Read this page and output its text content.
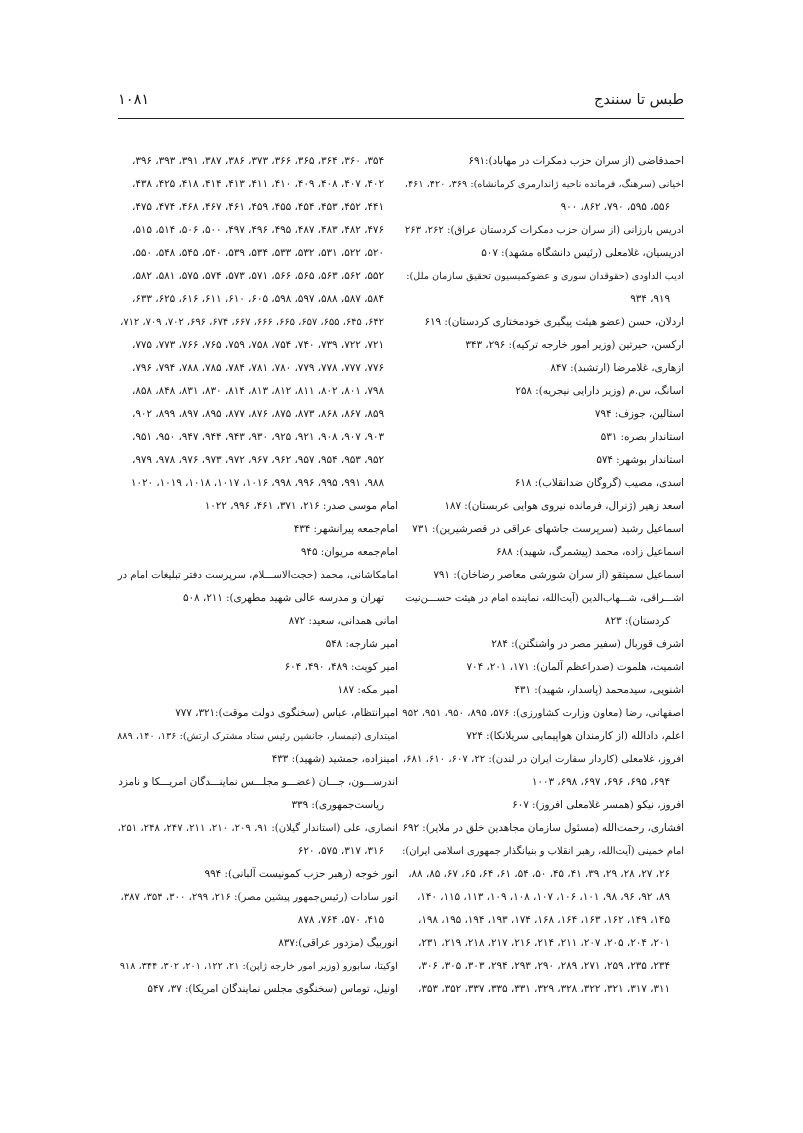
طبس تا سنندج
۱۰۸۱
احمدقاضی (از سران حزب دمکرات در مهاباد):۶۹۱
اخیانی (سرهنگ، فرمانده ناحیه ژاندارمری کرمانشاه): ۳۶۹، ۴۲۰، ۴۶۱،
۵۵۶، ۵۹۵، ۷۹۰، ۸۶۲، ۹۰۰
ادریس بارزانی (از سران حزب دمکرات کردستان عراق): ۲۶۲، ۲۶۳
ادریسیان، غلامعلی (رئیس دانشگاه مشهد): ۵۰۷
ادیب الداودی (حقوقدان سوری و عضوکمیسیون تحقیق سازمان ملل):
۹۱۹، ۹۳۴
اردلان، حسن (عضو هیئت پیگیری خودمختاری کردستان): ۶۱۹
ارکسن، حیرتین (وزیر امور خارجه ترکیه): ۲۹۶، ۳۴۳
ازهاری، غلامرضا (ارتشبد): ۸۴۷
اسانگ، س.م (وزیر دارایی نیجریه): ۲۵۸
استالین، جوزف: ۷۹۴
استاندار بصره: ۵۳۱
استاندار بوشهر: ۵۷۴
اسدی، مصیب (گروگان ضدانقلاب): ۶۱۸
اسعد زهیر (ژنرال، فرمانده نیروی هوایی عربستان): ۱۸۷
اسماعیل رشید (سرپرست جاشهای عراقی در قصرشیرین): ۷۳۱
اسماعیل زاده، محمد (پیشمرگ، شهید): ۶۸۸
اسماعیل سمیتقو (از سران شورشی معاصر رضاخان): ۷۹۱
اشـــراقی، شـــهاب‌الدین (آیت‌الله، نماینده امام در هیئت حســـن‌نیت
کردستان): ۸۲۳
اشرف قوربال (سفیر مصر در واشنگتن): ۲۸۴
اشمیت، هلموت (صدراعظم آلمان): ۱۷۱، ۲۰۱، ۷۰۴
اشنویی، سیدمحمد (پاسدار، شهید): ۴۳۱
اصفهانی، رضا (معاون وزارت کشاورزی): ۵۷۶، ۸۹۵، ۹۵۰، ۹۵۱، ۹۵۲
اعلم، دادالله (از کارمندان هواپیمایی سریلانکا): ۷۲۴
افروز، غلامعلی (کاردار سفارت ایران در لندن): ۲۲، ۶۰۷، ۶۱۰، ۶۸۱،
۶۹۴، ۶۹۵، ۶۹۶، ۶۹۷، ۶۹۸، ۱۰۰۳
افروز، نیکو (همسر غلامعلی افروز): ۶۰۷
افشاری، رحمت‌الله (مسئول سازمان مجاهدین خلق در ملایر): ۶۹۲
امام خمینی (آیت‌الله، رهبر انقلاب و بنیانگذار جمهوری اسلامی ایران):
۲۶، ۲۷، ۲۸، ۲۹، ۳۹، ۴۱، ۴۵، ۵۰، ۵۴، ۶۱، ۶۴، ۶۵، ۶۷، ۸۵، ۸۸،
۸۹، ۹۲، ۹۶، ۹۸، ۱۰۱، ۱۰۶، ۱۰۷، ۱۰۸، ۱۰۹، ۱۱۳، ۱۱۵، ۱۴۰،
۱۴۵، ۱۴۹، ۱۶۲، ۱۶۳، ۱۶۴، ۱۶۸، ۱۷۴، ۱۹۳، ۱۹۴، ۱۹۵، ۱۹۸،
۲۰۱، ۲۰۴، ۲۰۵، ۲۰۷، ۲۱۱، ۲۱۴، ۲۱۶، ۲۱۷، ۲۱۸، ۲۱۹، ۲۳۱،
۲۳۴، ۲۳۵، ۲۵۹، ۲۷۱، ۲۸۹، ۲۹۰، ۲۹۳، ۲۹۴، ۳۰۳، ۳۰۵، ۳۰۶،
۳۱۱، ۳۱۷، ۳۲۱، ۳۲۲، ۳۲۸، ۳۲۹، ۳۳۱، ۳۳۵، ۳۳۷، ۳۵۲، ۳۵۳،
۳۵۴، ۳۶۰، ۳۶۴، ۳۶۵، ۳۶۶، ۳۷۳، ۳۸۶، ۳۸۷، ۳۹۱، ۳۹۳، ۳۹۶،
۴۰۲، ۴۰۷، ۴۰۸، ۴۰۹، ۴۱۰، ۴۱۱، ۴۱۳، ۴۱۴، ۴۱۸، ۴۲۵، ۴۳۸،
۴۴۱، ۴۵۲، ۴۵۳، ۴۵۴، ۴۵۵، ۴۵۹، ۴۶۱، ۴۶۷، ۴۶۸، ۴۷۴، ۴۷۵،
۴۷۶، ۴۸۲، ۴۸۳، ۴۸۷، ۴۹۵، ۴۹۶، ۴۹۷، ۵۰۰، ۵۰۶، ۵۱۴، ۵۱۵،
۵۲۰، ۵۲۲، ۵۳۱، ۵۳۲، ۵۳۳، ۵۳۴، ۵۳۹، ۵۴۰، ۵۴۵، ۵۴۸، ۵۵۰،
۵۵۲، ۵۶۲، ۵۶۳، ۵۶۵، ۵۶۶، ۵۷۱، ۵۷۳، ۵۷۴، ۵۷۵، ۵۸۱، ۵۸۲،
۵۸۴، ۵۸۷، ۵۸۸، ۵۹۷، ۵۹۸، ۶۰۵، ۶۱۰، ۶۱۱، ۶۱۶، ۶۲۵، ۶۳۳،
۶۴۲، ۶۴۵، ۶۵۵، ۶۵۷، ۶۶۵، ۶۶۶، ۶۶۷، ۶۷۴، ۶۹۶، ۷۰۲، ۷۰۹، ۷۱۲،
۷۲۱، ۷۲۲، ۷۳۹، ۷۴۰، ۷۵۴، ۷۵۸، ۷۵۹، ۷۶۵، ۷۶۶، ۷۷۳، ۷۷۵،
۷۷۶، ۷۷۷، ۷۷۸، ۷۷۹، ۷۸۰، ۷۸۱، ۷۸۴، ۷۸۵، ۷۸۸، ۷۹۴، ۷۹۶،
۷۹۸، ۸۰۱، ۸۰۲، ۸۱۱، ۸۱۲، ۸۱۳، ۸۱۴، ۸۳۰، ۸۳۱، ۸۴۸، ۸۵۸،
۸۵۹، ۸۶۷، ۸۶۸، ۸۷۳، ۸۷۵، ۸۷۶، ۸۷۷، ۸۹۵، ۸۹۷، ۸۹۹، ۹۰۲،
۹۰۳، ۹۰۷، ۹۰۸، ۹۲۱، ۹۲۵، ۹۳۰، ۹۴۳، ۹۴۴، ۹۴۷، ۹۵۰، ۹۵۱،
۹۵۲، ۹۵۳، ۹۵۴، ۹۵۷، ۹۶۲، ۹۶۷، ۹۷۲، ۹۷۳، ۹۷۶، ۹۷۸، ۹۷۹،
۹۸۸، ۹۹۱، ۹۹۵، ۹۹۶، ۹۹۸، ۱۰۱۶، ۱۰۱۷، ۱۰۱۸، ۱۰۱۹، ۱۰۲۰
امام موسی صدر: ۲۱۶، ۳۷۱، ۴۶۱، ۹۹۶، ۱۰۲۲
امام‌جمعه پیرانشهر: ۴۳۴
امام‌جمعه مریوان: ۹۴۵
امامکاشانی، محمد (حجت‌الاســـلام، سرپرست دفتر تبلیغات امام در
تهران و مدرسه عالی شهید مطهری): ۲۱۱، ۵۰۸
امانی همدانی، سعید: ۸۷۲
امیر شارجه: ۵۴۸
امیر کویت: ۴۸۹، ۴۹۰، ۶۰۴
امیر مکه: ۱۸۷
امیرانتظام، عباس (سخنگوی دولت موقت):۳۲۱، ۷۷۷
امیتداری (تیمسار، جانشین رئیس ستاد مشترک ارتش): ۱۳۶، ۱۴۰، ۸۸۹
امینزاده، جمشید (شهید): ۴۳۳
اندرســـون، جـــان (عضـــو مجلـــس نماینـــدگان امریـــکا و نامزد
ریاست‌جمهوری): ۳۳۹
انصاری، علی (استاندار گیلان): ۹۱، ۲۰۹، ۲۱۰، ۲۱۱، ۲۴۷، ۲۴۸، ۲۵۱،
۳۱۶، ۳۱۷، ۵۷۵، ۶۲۰
انور خوجه (رهبر حزب کمونیست آلبانی): ۹۹۴
انور سادات (رئیس‌جمهور پیشین مصر): ۲۱۶، ۲۹۹، ۳۰۰، ۳۵۴، ۳۸۷،
۴۱۵، ۵۷۰، ۷۶۴، ۸۷۸
انوربیگ (مزدور عراقی):۸۳۷
اوکیتا، سابورو (وزیر امور خارجه ژاپن): ۲۱، ۱۲۲، ۲۰۱، ۳۰۲، ۳۴۴، ۹۱۸
اونیل، توماس (سخنگوی مجلس نمایندگان امریکا): ۳۷، ۵۴۷
